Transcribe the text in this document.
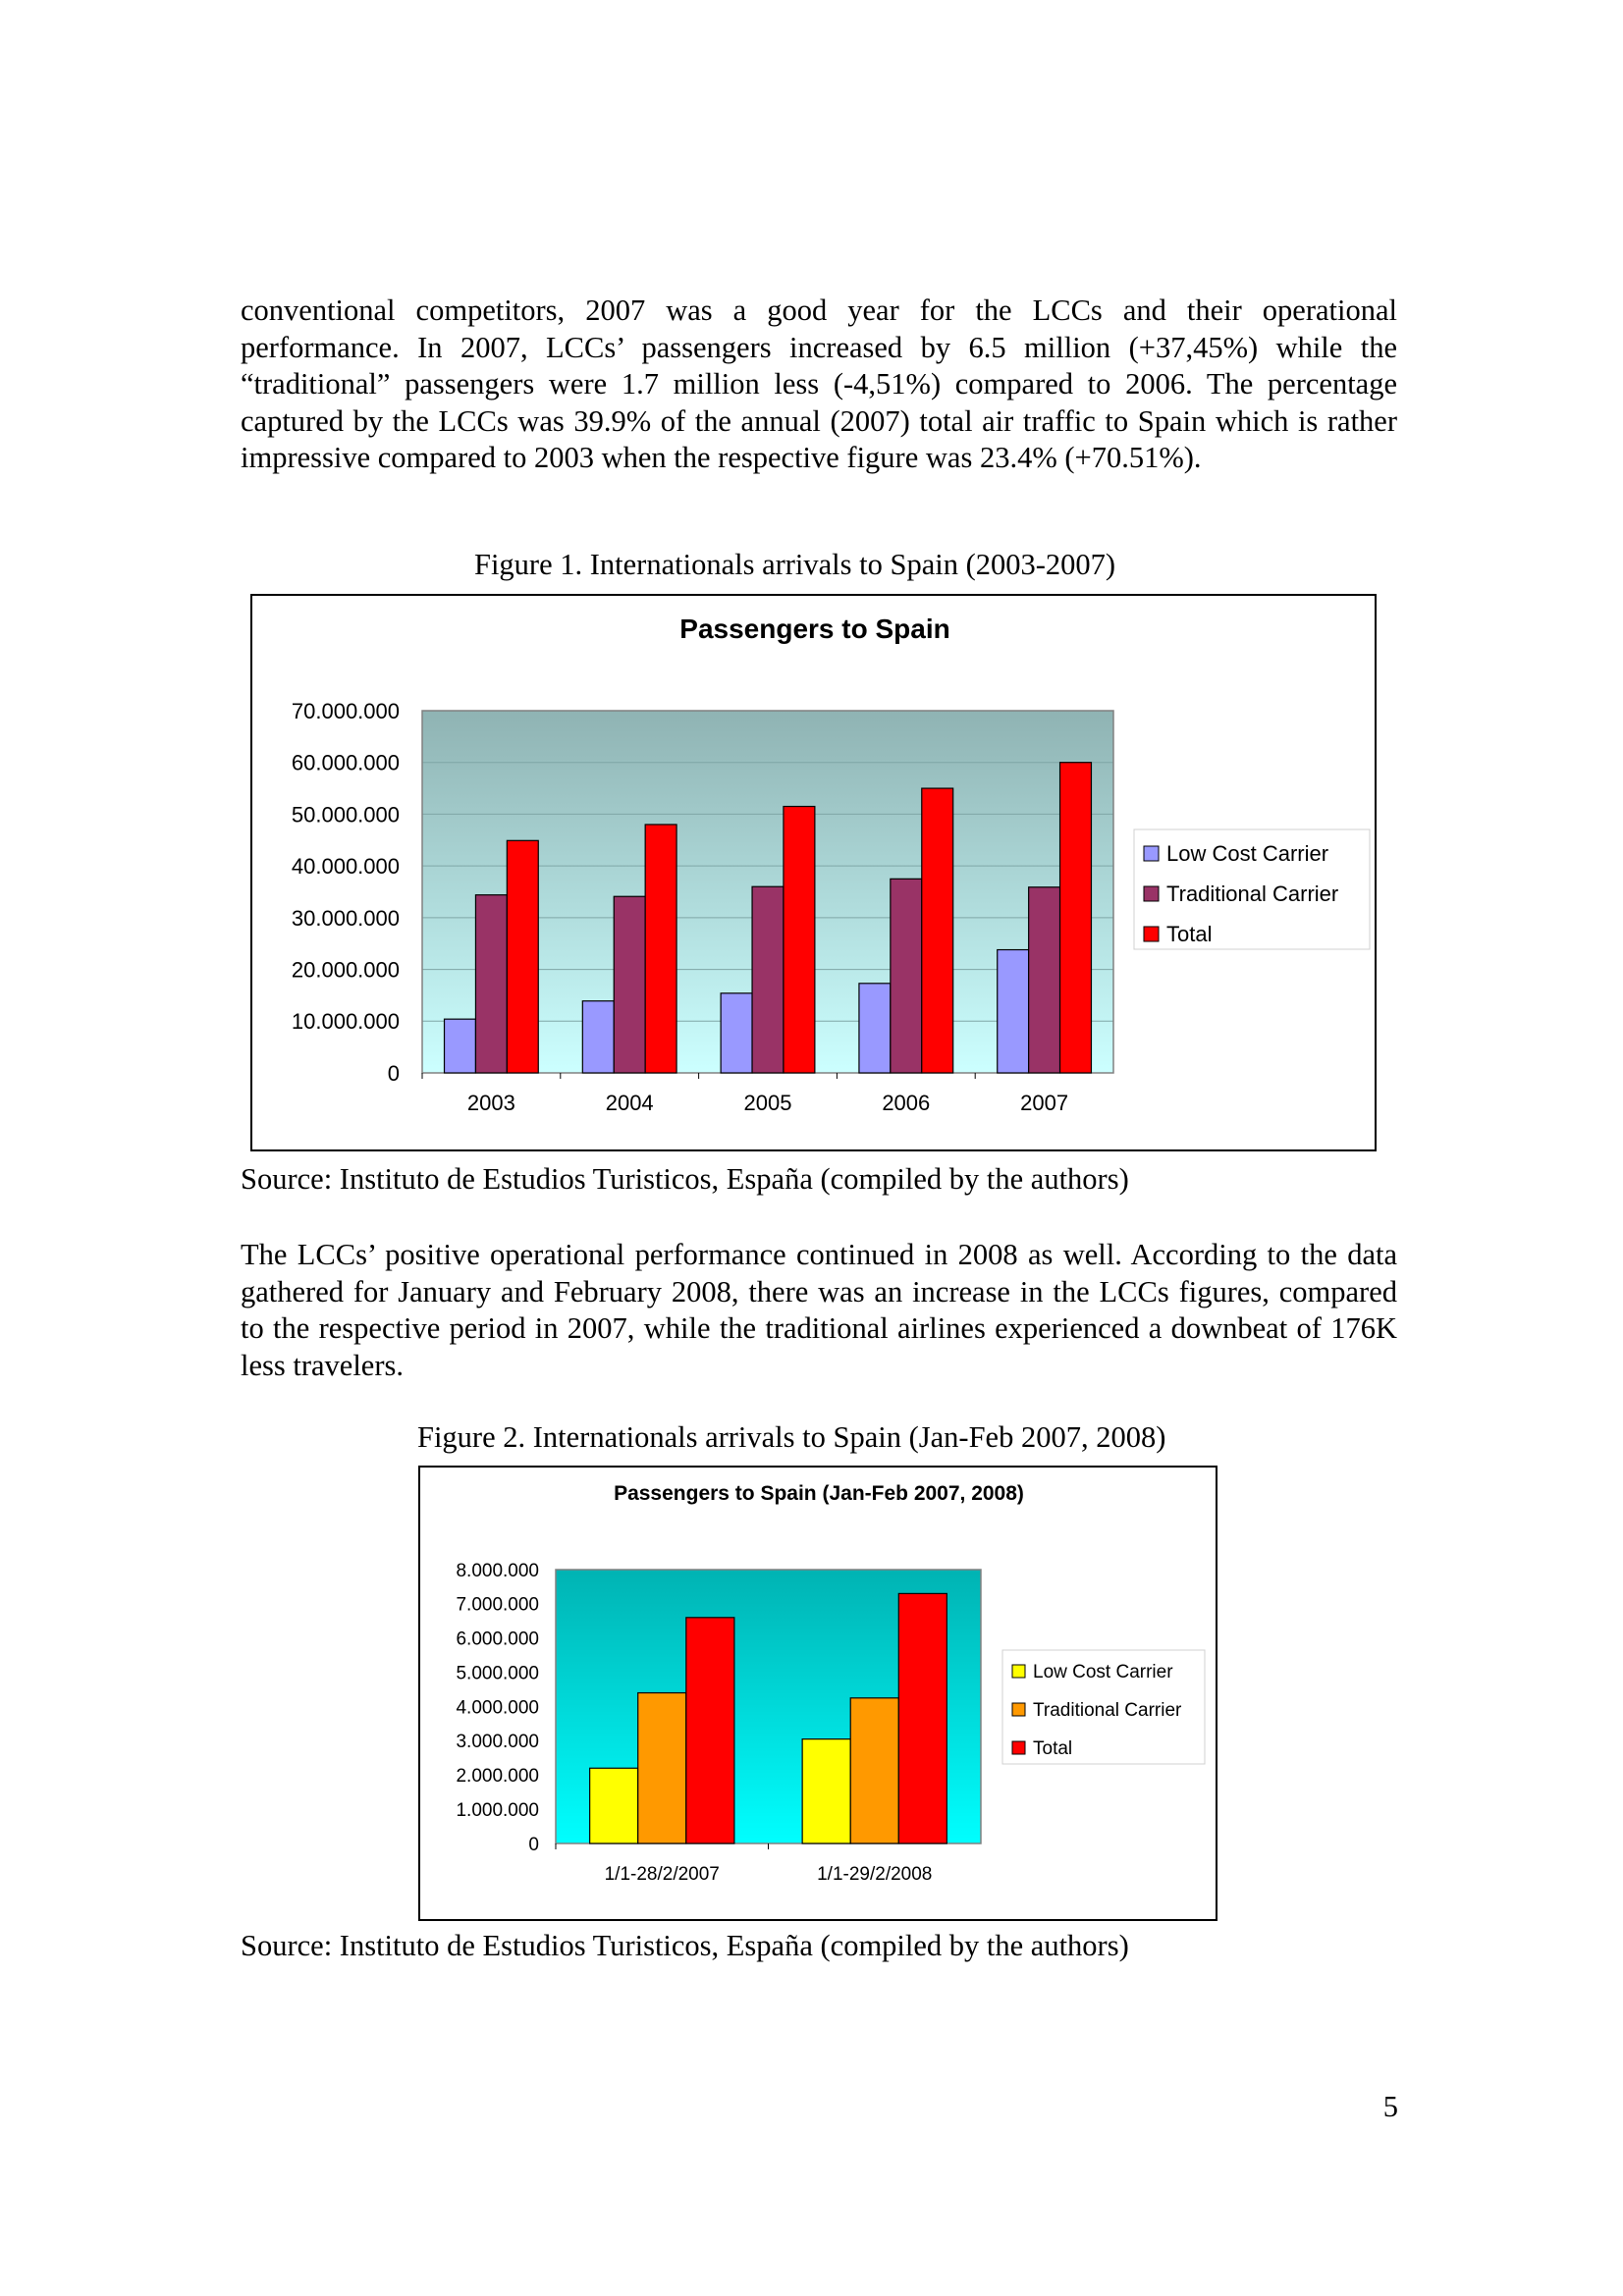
conventional competitors, 2007 was a good year for the LCCs and their operational performance. In 2007, LCCs’ passengers increased by 6.5 million (+37,45%) while the “traditional” passengers were 1.7 million less (-4,51%) compared to 2006. The percentage captured by the LCCs was 39.9% of the annual (2007) total air traffic to Spain which is rather impressive compared to 2003 when the respective figure was 23.4% (+70.51%).

Figure 1. Internationals arrivals to Spain (2003-2007)
Passengers to Spain
0
10.000.000
20.000.000
30.000.000
40.000.000
50.000.000
60.000.000
70.000.000
2003	2004	2005	2006	2007
Low Cost Carrier
Traditional Carrier
Total
Source: Instituto de Estudios Turisticos, España (compiled by the authors)

The LCCs’ positive operational performance continued in 2008 as well. According to the data gathered for January and February 2008, there was an increase in the LCCs figures, compared to the respective period in 2007, while the traditional airlines experienced a downbeat of 176K less travelers.

Figure 2. Internationals arrivals to Spain (Jan-Feb 2007, 2008)
Passengers to Spain (Jan-Feb 2007, 2008)
0
1.000.000
2.000.000
3.000.000
4.000.000
5.000.000
6.000.000
7.000.000
8.000.000
1/1-28/2/2007	1/1-29/2/2008
Low Cost Carrier
Traditional Carrier
Total
Source: Instituto de Estudios Turisticos, España (compiled by the authors)
5
